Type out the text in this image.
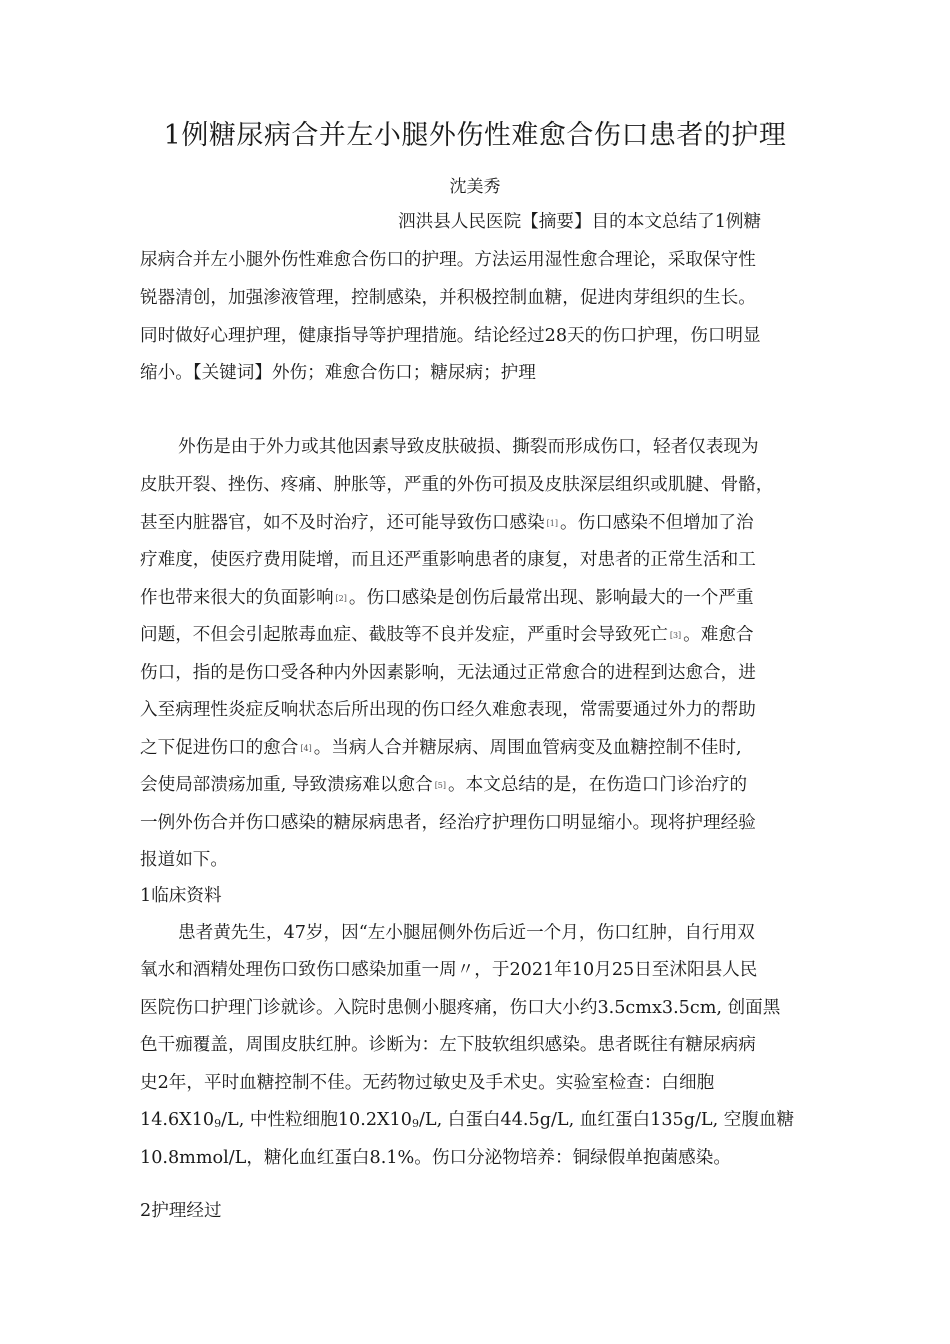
1例糖尿病合并左小腿外伤性难愈合伤口患者的护理
沈美秀
泗洪县人民医院【摘要】目的本文总结了1例糖
尿病合并左小腿外伤性难愈合伤口的护理。方法运用湿性愈合理论，采取保守性
锐器清创，加强渗液管理，控制感染，并积极控制血糖，促进肉芽组织的生长。
同时做好心理护理，健康指导等护理措施。结论经过28天的伤口护理，伤口明显
缩小。【关键词】外伤；难愈合伤口；糖尿病；护理
外伤是由于外力或其他因素导致皮肤破损、撕裂而形成伤口，轻者仅表现为
皮肤开裂、挫伤、疼痛、肿胀等，严重的外伤可损及皮肤深层组织或肌腱、骨骼，
甚至内脏器官，如不及时治疗，还可能导致伤口感染 [1] 。伤口感染不但增加了治
疗难度，使医疗费用陡增，而且还严重影响患者的康复，对患者的正常生活和工
作也带来很大的负面影响 [2] 。伤口感染是创伤后最常出现、影响最大的一个严重
问题，不但会引起脓毒血症、截肢等不良并发症，严重时会导致死亡 [3] 。难愈合
伤口，指的是伤口受各种内外因素影响，无法通过正常愈合的进程到达愈合，进
入至病理性炎症反响状态后所出现的伤口经久难愈表现，常需要通过外力的帮助
之下促进伤口的愈合 [4] 。当病人合并糖尿病、周围血管病变及血糖控制不佳时,
会使局部溃疡加重, 导致溃疡难以愈合 [5] 。本文总结的是，在伤造口门诊治疗的
一例外伤合并伤口感染的糖尿病患者，经治疗护理伤口明显缩小。现将护理经验
报道如下。
1临床资料
患者黄先生，47岁，因“左小腿屈侧外伤后近一个月，伤口红肿，自行用双
氧水和酒精处理伤口致伤口感染加重一周〃，于2021年10月25日至沭阳县人民
医院伤口护理门诊就诊。入院时患侧小腿疼痛，伤口大小约3.5cmx3.5cm, 创面黑
色干痂覆盖，周围皮肤红肿。诊断为：左下肢软组织感染。患者既往有糖尿病病
史2年，平时血糖控制不佳。无药物过敏史及手术史。实验室检查：白细胞
14.6X109/L, 中性粒细胞10.2X109/L, 白蛋白44.5g/L, 血红蛋白135g/L, 空腹血糖
10.8mmol/L，糖化血红蛋白8.1%。伤口分泌物培养：铜绿假单抱菌感染。
2护理经过
